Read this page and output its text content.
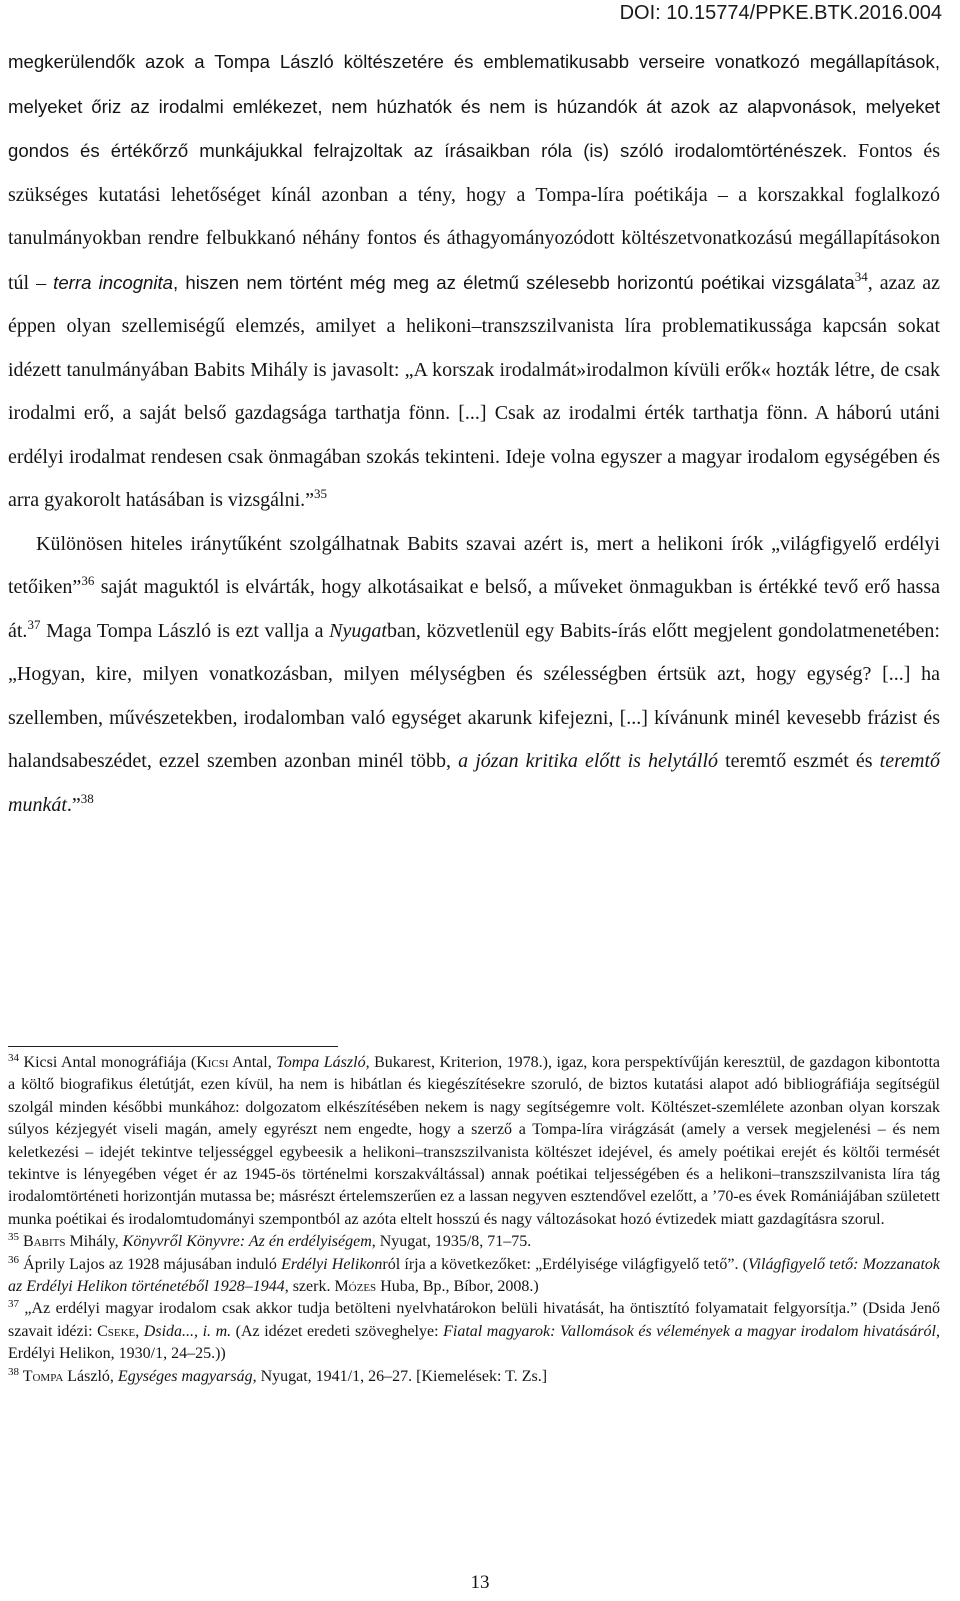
DOI: 10.15774/PPKE.BTK.2016.004

megkerülendők azok a Tompa László költészetére és emblematikusabb verseire vonatkozó megállapítások, melyeket őriz az irodalmi emlékezet, nem húzhatók és nem is húzandók át azok az alapvonások, melyeket gondos és értékőrző munkájukkal felrajzoltak az írásaikban róla (is) szóló irodalomtörténészek. Fontos és szükséges kutatási lehetőséget kínál azonban a tény, hogy a Tompa-líra poétikája – a korszakkal foglalkozó tanulmányokban rendre felbukkanó néhány fontos és áthagyományozódott költészetvonatkozású megállapításokon túl – terra incognita, hiszen nem történt még meg az életmű szélesebb horizontú poétikai vizsgálata$^{34}$, azaz az éppen olyan szellemiségű elemzés, amilyet a helikoni–transzszilvanista líra problematikussága kapcsán sokat idézett tanulmányában Babits Mihály is javasolt: „A korszak irodalmát»irodalmon kívüli erők« hozták létre, de csak irodalmi erő, a saját belső gazdagsága tarthatja fönn. [...] Csak az irodalmi érték tarthatja fönn. A háború utáni erdélyi irodalmat rendesen csak önmagában szokás tekinteni. Ideje volna egyszer a magyar irodalom egységében és arra gyakorolt hatásában is vizsgálni.”$^{35}$

Különösen hiteles iránytűként szolgálhatnak Babits szavai azért is, mert a helikoni írók „világfigyelő erdélyi tetőiken”$^{36}$ saját maguktól is elvárták, hogy alkotásaikat e belső, a műveket önmagukban is értékké tevő erő hassa át.$^{37}$ Maga Tompa László is ezt vallja a Nyugatban, közvetlenül egy Babits-írás előtt megjelent gondolatmenetében: „Hogyan, kire, milyen vonatkozásban, milyen mélységben és szélességben értsük azt, hogy egység? [...] ha szellemben, művészetekben, irodalomban való egységet akarunk kifejezni, [...] kívánunk minél kevesebb frázist és halandsabeszédet, ezzel szemben azonban minél több, a józan kritika előtt is helytálló teremtő eszmét és teremtő munkát.”$^{38}$

$^{34}$ Kicsi Antal monográfiája (Kicsi Antal, Tompa László, Bukarest, Kriterion, 1978.), igaz, kora perspektívűján keresztül, de gazdagon kibontotta a költő biografikus életútját, ezen kívül, ha nem is hibátlan és kiegészítésekre szoruló, de biztos kutatási alapot adó bibliográfiája segítségül szolgál minden későbbi munkához: dolgozatom elkészítésében nekem is nagy segítségemre volt. Költészet-szemlélete azonban olyan korszak súlyos kézjegyét viseli magán, amely egyrészt nem engedte, hogy a szerző a Tompa-líra virágzását (amely a versek megjelenési – és nem keletkezési – idejét tekintve teljességgel egybeesik a helikoni–transzszilvanista költészet idejével, és amely poétikai erejét és költői termését tekintve is lényegében véget ér az 1945-ös történelmi korszakváltással) annak poétikai teljességében és a helikoni–transzszilvanista líra tág irodalomtörténeti horizontján mutassa be; másrészt értelemszerűen ez a lassan negyven esztendővel ezelőtt, a ’70-es évek Romániájában született munka poétikai és irodalomtudományi szempontból az azóta eltelt hosszú és nagy változásokat hozó évtizedek miatt gazdagításra szorul.

$^{35}$ Babits Mihály, Könyvről Könyvre: Az én erdélyiségem, Nyugat, 1935/8, 71–75.

$^{36}$ Áprily Lajos az 1928 májusában induló Erdélyi Helikonról írja a következőket: „Erdélyisége világfigyelő tető”. (Világfigyelő tető: Mozzanatok az Erdélyi Helikon történetéből 1928–1944, szerk. Mózes Huba, Bp., Bíbor, 2008.)

$^{37}$ „Az erdélyi magyar irodalom csak akkor tudja betölteni nyelvhatárokon belüli hivatását, ha öntisztító folyamatait felgyorsítja.” (Dsida Jenő szavait idézi: Cseke, Dsida..., i. m. (Az idézet eredeti szöveghelye: Fiatal magyarok: Vallomások és vélemények a magyar irodalom hivatásáról, Erdélyi Helikon, 1930/1, 24–25.))

$^{38}$ Tompa László, Egységes magyarság, Nyugat, 1941/1, 26–27. [Kiemelések: T. Zs.]

13
